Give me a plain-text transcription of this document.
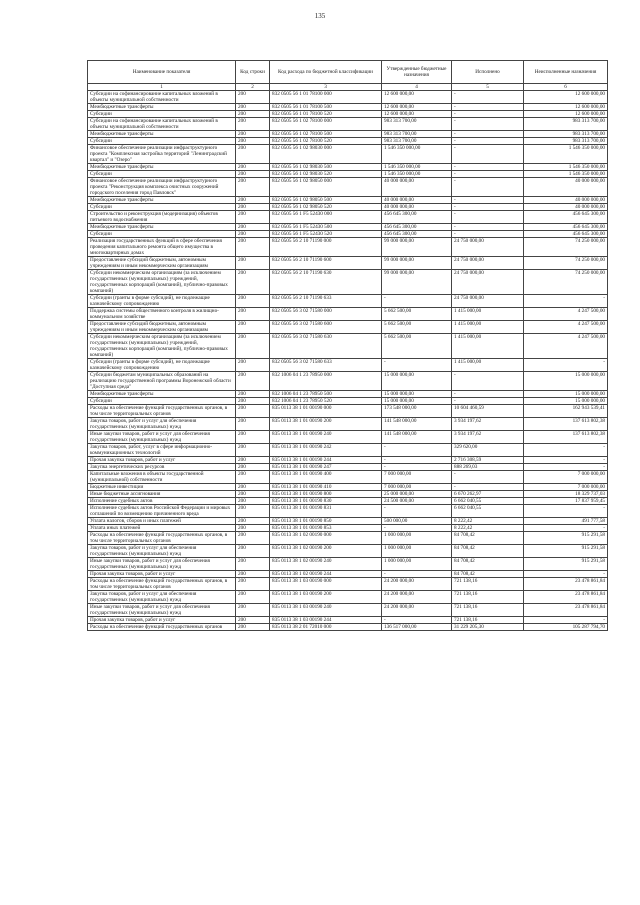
135
Наименование показателя	Код строки	Код расхода по бюджетной классификации	Утвержденные бюджетные назначения	Исполнено	Неисполненные назначения
1	2	3	4	5	6
Субсидии на софинансирование капитальных вложений в объекты муниципальной собственности	200	832 0505 56 1 01 78100 000	12 600 000,00	-	12 600 000,00
Межбюджетные трансферты	200	832 0505 56 1 01 78100 500	12 600 000,00	-	12 600 000,00
Субсидии	200	832 0505 56 1 01 78100 520	12 600 000,00	-	12 600 000,00
Субсидии на софинансирование капитальных вложений в объекты муниципальной собственности	200	832 0505 56 1 02 78100 000	983 313 700,00	-	983 313 700,00
Межбюджетные трансферты	200	832 0505 56 1 02 78100 500	983 313 700,00	-	983 313 700,00
Субсидии	200	832 0505 56 1 02 78100 520	983 313 700,00	-	983 313 700,00
Финансовое обеспечение реализации инфраструктурного проекта "Комплексная застройка территорий "Ленинградский квартал" и "Озеро"	200	832 0505 56 1 02 98030 000	1 546 350 000,00	-	1 546 350 000,00
Межбюджетные трансферты	200	832 0505 56 1 02 98030 500	1 546 350 000,00	-	1 546 350 000,00
Субсидии	200	832 0505 56 1 02 98030 520	1 546 350 000,00	-	1 546 350 000,00
Финансовое обеспечение реализации инфраструктурного проекта "Реконструкция комплекса очистных сооружений городского поселения город Павловск"	200	832 0505 56 1 02 98050 000	40 000 000,00	-	40 000 000,00
Межбюджетные трансферты	200	832 0505 56 1 02 98050 500	40 000 000,00	-	40 000 000,00
Субсидии	200	832 0505 56 1 02 98050 520	40 000 000,00	-	40 000 000,00
Строительство и реконструкция (модернизация) объектов питьевого водоснабжения	200	832 0505 56 1 F5 52430 000	456 645 300,00	-	456 645 300,00
Межбюджетные трансферты	200	832 0505 56 1 F5 52430 500	456 645 300,00	-	456 645 300,00
Субсидии	200	832 0505 56 1 F5 52430 520	456 645 300,00	-	456 645 300,00
Реализация государственных функций в сфере обеспечения проведения капитального ремонта общего имущества в многоквартирных домах	200	832 0505 56 2 10 71190 000	99 000 000,00	24 750 000,00	74 250 000,00
Предоставление субсидий бюджетным, автономным учреждениям и иным некоммерческим организациям	200	832 0505 56 2 10 71190 600	99 000 000,00	24 750 000,00	74 250 000,00
Субсидии некоммерческим организациям (за исключением государственных (муниципальных) учреждений, государственных корпораций (компаний), публично-правовых компаний)	200	832 0505 56 2 10 71190 630	99 000 000,00	24 750 000,00	74 250 000,00
Субсидии (гранты в форме субсидий), не подлежащие казначейскому сопровождению	200	832 0505 56 2 10 71190 633	-	24 750 000,00	-
Поддержка системы общественного контроля в жилищно-коммунальном хозяйстве	200	832 0505 56 3 02 71580 000	5 662 500,00	1 415 000,00	4 247 500,00
Предоставление субсидий бюджетным, автономным учреждениям и иным некоммерческим организациям	200	832 0505 56 3 02 71580 600	5 662 500,00	1 415 000,00	4 247 500,00
Субсидии некоммерческим организациям (за исключением государственных (муниципальных) учреждений, государственных корпораций (компаний), публично-правовых компаний)	200	832 0505 56 3 02 71580 630	5 662 500,00	1 415 000,00	4 247 500,00
Субсидии (гранты в форме субсидий), не подлежащие казначейскому сопровождению	200	832 0505 56 3 02 71580 633	-	1 415 000,00	-
Субсидии бюджетам муниципальных образований на реализацию государственной программы Воронежской области "Доступная среда"	200	832 1006 04 1 23 78950 000	15 000 000,00	-	15 000 000,00
Межбюджетные трансферты	200	832 1006 04 1 23 78950 500	15 000 000,00	-	15 000 000,00
Субсидии	200	832 1006 04 1 23 78950 520	15 000 000,00	-	15 000 000,00
Расходы на обеспечение функций государственных органов, в том числе территориальных органов	200	835 0113 38 1 01 00190 000	173 548 000,00	10 604 460,59	162 943 539,41
Закупка товаров, работ и услуг для обеспечения государственных (муниципальных) нужд	200	835 0113 38 1 01 00190 200	141 548 000,00	3 934 197,62	137 613 802,38
Иные закупки товаров, работ и услуг для обеспечения государственных (муниципальных) нужд	200	835 0113 38 1 01 00190 240	141 548 000,00	3 934 197,62	137 613 802,38
Закупка товаров, работ, услуг в сфере информационно-коммуникационных технологий	200	835 0113 38 1 01 00190 242	-	329 620,00	-
Прочая закупка товаров, работ и услуг	200	835 0113 38 1 01 00190 244	-	2 716 308,59	-
Закупка энергетических ресурсов	200	835 0113 38 1 01 00190 247	-	888 269,03	-
Капитальные вложения в объекты государственной (муниципальной) собственности	200	835 0113 38 1 01 00190 400	7 000 000,00	-	7 000 000,00
Бюджетные инвестиции	200	835 0113 38 1 01 00190 410	7 000 000,00	-	7 000 000,00
Иные бюджетные ассигнования	200	835 0113 38 1 01 00190 800	25 000 000,00	6 670 262,97	18 329 737,03
Исполнение судебных актов	200	835 0113 38 1 01 00190 830	24 500 000,00	6 662 040,55	17 837 959,45
Исполнение судебных актов Российской Федерации и мировых соглашений по возмещению причиненного вреда	200	835 0113 38 1 01 00190 831	-	6 662 040,55	-
Уплата налогов, сборов и иных платежей	200	835 0113 38 1 01 00190 850	500 000,00	8 222,42	491 777,58
Уплата иных платежей	200	835 0113 38 1 01 00190 853	-	8 222,42	-
Расходы на обеспечение функций государственных органов, в том числе территориальных органов	200	835 0113 38 1 02 00190 000	1 000 000,00	84 708,42	915 291,58
Закупка товаров, работ и услуг для обеспечения государственных (муниципальных) нужд	200	835 0113 38 1 02 00190 200	1 000 000,00	84 708,42	915 291,58
Иные закупки товаров, работ и услуг для обеспечения государственных (муниципальных) нужд	200	835 0113 38 1 02 00190 240	1 000 000,00	84 708,42	915 291,58
Прочая закупка товаров, работ и услуг	200	835 0113 38 1 02 00190 244	-	84 708,42	-
Расходы на обеспечение функций государственных органов, в том числе территориальных органов	200	835 0113 38 1 03 00190 000	24 200 000,00	721 138,16	23 478 861,84
Закупка товаров, работ и услуг для обеспечения государственных (муниципальных) нужд	200	835 0113 38 1 03 00190 200	24 200 000,00	721 138,16	23 478 861,84
Иные закупки товаров, работ и услуг для обеспечения государственных (муниципальных) нужд	200	835 0113 38 1 03 00190 240	24 200 000,00	721 138,16	23 478 861,84
Прочая закупка товаров, работ и услуг	200	835 0113 38 1 03 00190 244	-	721 138,16	-
Расходы на обеспечение функций государственных органов	200	835 0113 38 2 01 72010 000	136 517 000,00	31 229 205,30	105 287 794,70
